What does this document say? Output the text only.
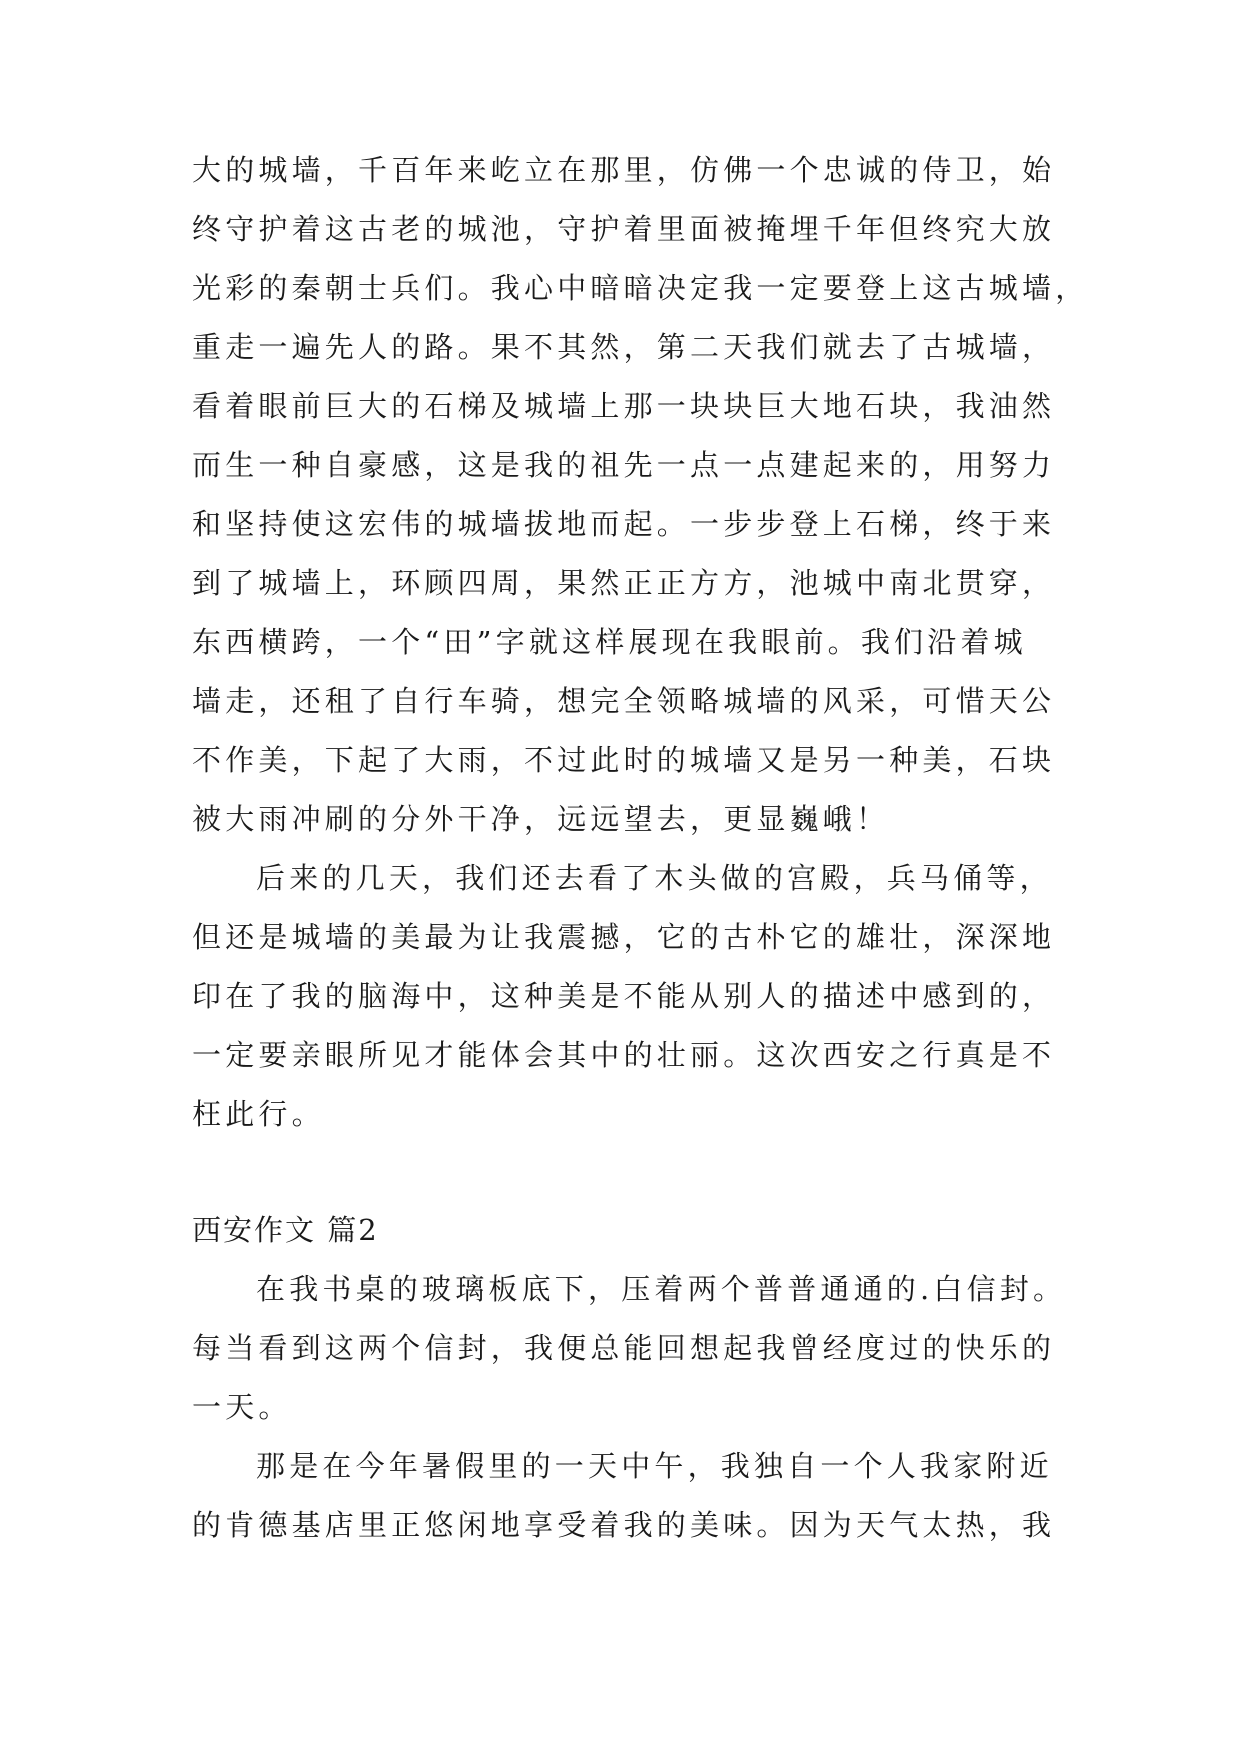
大的城墙，千百年来屹立在那里，仿佛一个忠诚的侍卫，始
终守护着这古老的城池，守护着里面被掩埋千年但终究大放
光彩的秦朝士兵们。我心中暗暗决定我一定要登上这古城墙，
重走一遍先人的路。果不其然，第二天我们就去了古城墙，
看着眼前巨大的石梯及城墙上那一块块巨大地石块，我油然
而生一种自豪感，这是我的祖先一点一点建起来的，用努力
和坚持使这宏伟的城墙拔地而起。一步步登上石梯，终于来
到了城墙上，环顾四周，果然正正方方，池城中南北贯穿，
东西横跨，一个“田”字就这样展现在我眼前。我们沿着城
墙走，还租了自行车骑，想完全领略城墙的风采，可惜天公
不作美，下起了大雨，不过此时的城墙又是另一种美，石块
被大雨冲刷的分外干净，远远望去，更显巍峨！
后来的几天，我们还去看了木头做的宫殿，兵马俑等，
但还是城墙的美最为让我震撼，它的古朴它的雄壮，深深地
印在了我的脑海中，这种美是不能从别人的描述中感到的，
一定要亲眼所见才能体会其中的壮丽。这次西安之行真是不
枉此行。
西安作文 篇2
在我书桌的玻璃板底下，压着两个普普通通的.白信封。
每当看到这两个信封，我便总能回想起我曾经度过的快乐的
一天。
那是在今年暑假里的一天中午，我独自一个人我家附近
的肯德基店里正悠闲地享受着我的美味。因为天气太热，我
